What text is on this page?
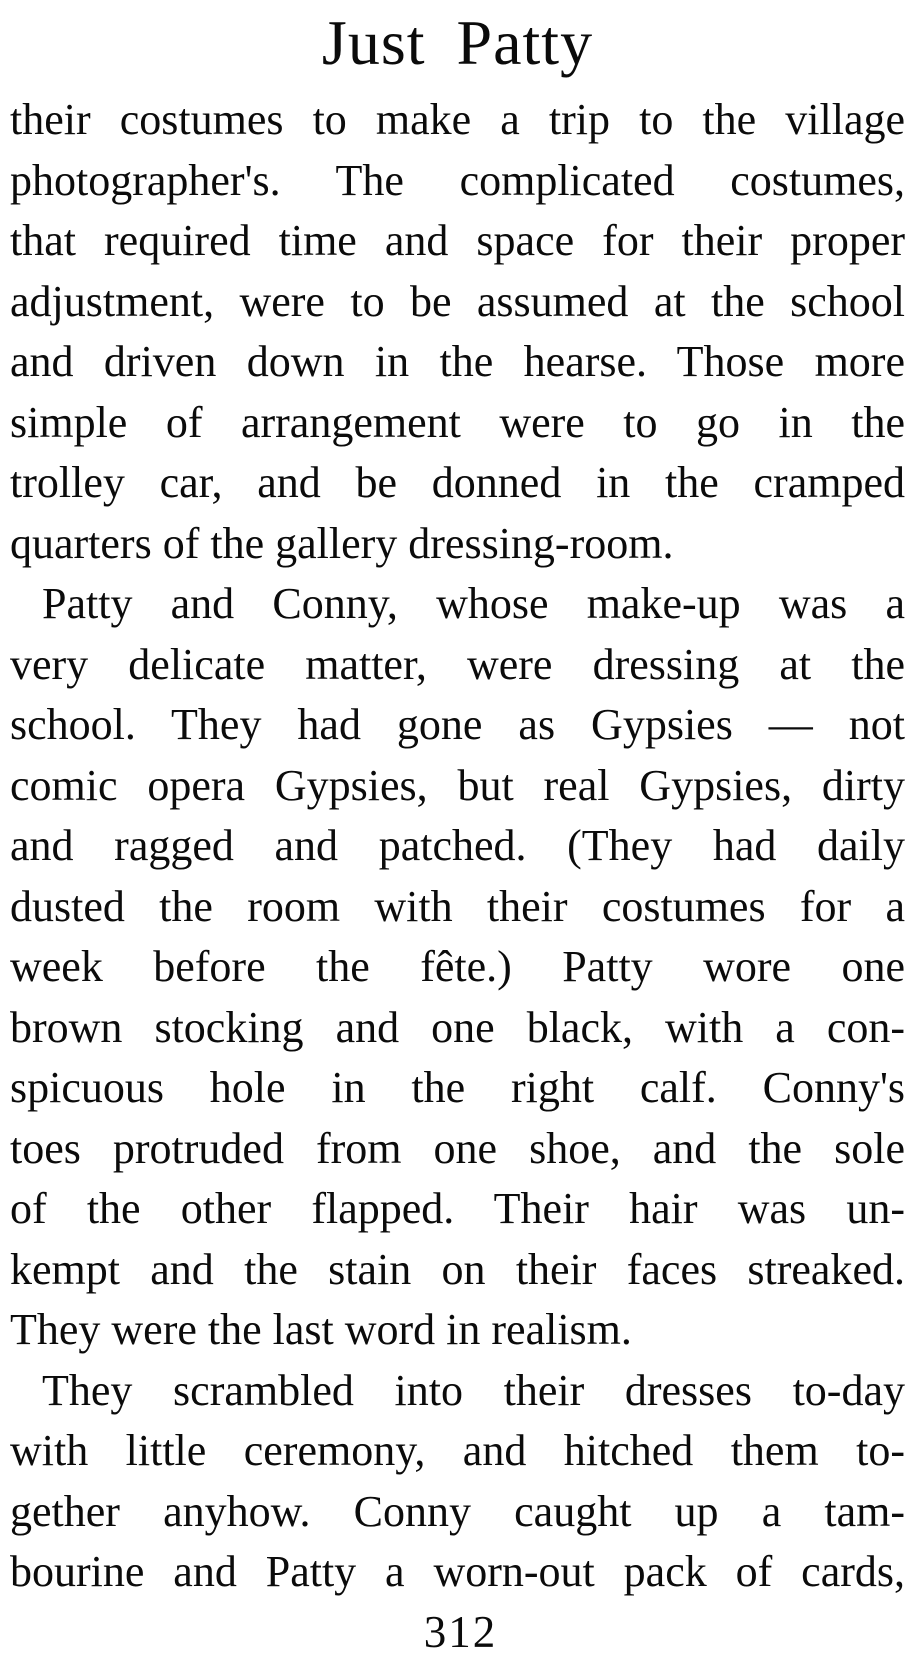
Just Patty

their costumes to make a trip to the village
photographer's. The complicated costumes,
that required time and space for their proper
adjustment, were to be assumed at the school
and driven down in the hearse. Those more
simple of arrangement were to go in the
trolley car, and be donned in the cramped
quarters of the gallery dressing-room.

Patty and Conny, whose make-up was a
very delicate matter, were dressing at the
school. They had gone as Gypsies — not
comic opera Gypsies, but real Gypsies, dirty
and ragged and patched. (They had daily
dusted the room with their costumes for a
week before the fête.) Patty wore one
brown stocking and one black, with a con-
spicuous hole in the right calf. Conny's
toes protruded from one shoe, and the sole
of the other flapped. Their hair was un-
kempt and the stain on their faces streaked.
They were the last word in realism.

They scrambled into their dresses to-day
with little ceremony, and hitched them to-
gether anyhow. Conny caught up a tam-
bourine and Patty a worn-out pack of cards,

312
